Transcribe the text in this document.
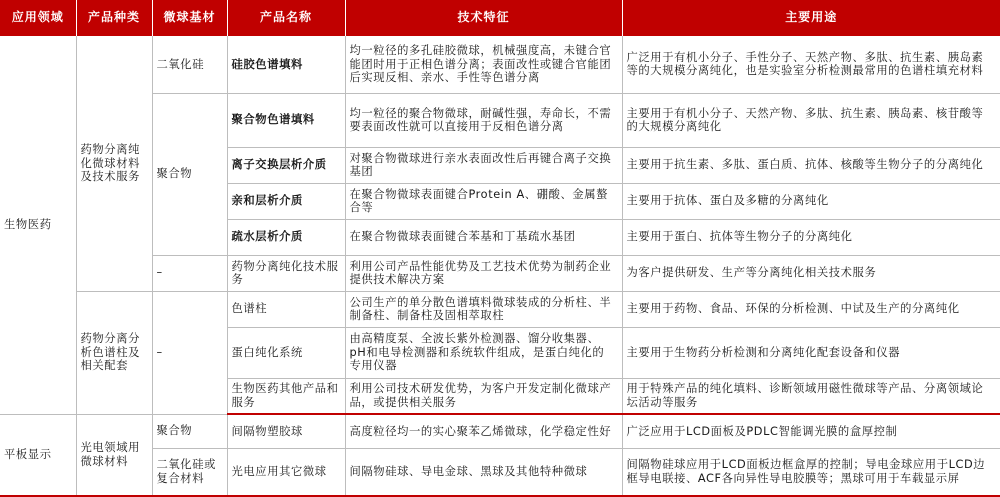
应用领域	产品种类	微球基材	产品名称	技术特征	主要用途
生物医药	药物分离纯化微球材料及技术服务	二氧化硅	硅胶色谱填料	均一粒径的多孔硅胶微球，机械强度高，未键合官能团时用于正相色谱分离；表面改性或键合官能团后实现反相、亲水、手性等色谱分离	广泛用于有机小分子、手性分子、天然产物、多肽、抗生素、胰岛素等的大规模分离纯化，也是实验室分析检测最常用的色谱柱填充材料
		聚合物	聚合物色谱填料	均一粒径的聚合物微球，耐碱性强，寿命长，不需要表面改性就可以直接用于反相色谱分离	主要用于有机小分子、天然产物、多肽、抗生素、胰岛素、核苷酸等的大规模分离纯化
			离子交换层析介质	对聚合物微球进行亲水表面改性后再键合离子交换基团	主要用于抗生素、多肽、蛋白质、抗体、核酸等生物分子的分离纯化
			亲和层析介质	在聚合物微球表面键合Protein A、硼酸、金属螯合等	主要用于抗体、蛋白及多糖的分离纯化
			疏水层析介质	在聚合物微球表面键合苯基和丁基疏水基团	主要用于蛋白、抗体等生物分子的分离纯化
		–	药物分离纯化技术服务	利用公司产品性能优势及工艺技术优势为制药企业提供技术解决方案	为客户提供研发、生产等分离纯化相关技术服务
	药物分离分析色谱柱及相关配套	–	色谱柱	公司生产的单分散色谱填料微球装成的分析柱、半制备柱、制备柱及固相萃取柱	主要用于药物、食品、环保的分析检测、中试及生产的分离纯化
			蛋白纯化系统	由高精度泵、全波长紫外检测器、馏分收集器、pH和电导检测器和系统软件组成，是蛋白纯化的专用仪器	主要用于生物药分析检测和分离纯化配套设备和仪器
			生物医药其他产品和服务	利用公司技术研发优势，为客户开发定制化微球产品，或提供相关服务	用于特殊产品的纯化填料、诊断领域用磁性微球等产品、分离领域论坛活动等服务
平板显示	光电领域用微球材料	聚合物	间隔物塑胶球	高度粒径均一的实心聚苯乙烯微球，化学稳定性好	广泛应用于LCD面板及PDLC智能调光膜的盒厚控制
		二氧化硅或复合材料	光电应用其它微球	间隔物硅球、导电金球、黑球及其他特种微球	间隔物硅球应用于LCD面板边框盒厚的控制；导电金球应用于LCD边框导电联接、ACF各向异性导电胶膜等；黑球可用于车载显示屏
